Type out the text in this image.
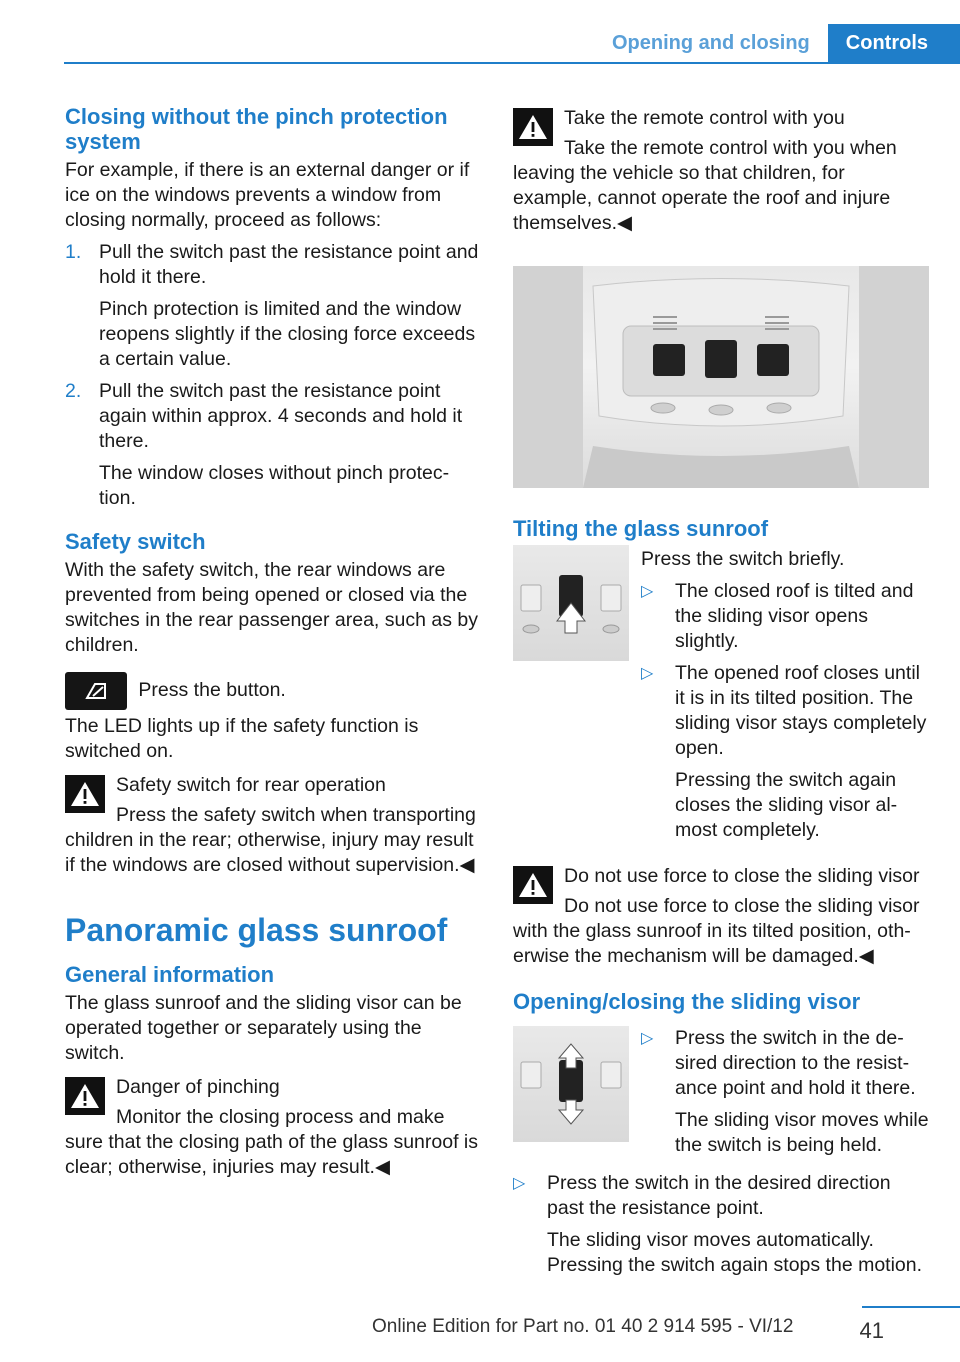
Opening and closing	Controls
Closing without the pinch protection system

For example, if there is an external danger or if ice on the windows prevents a window from closing normally, proceed as follows:

1. Pull the switch past the resistance point and hold it there.
Pinch protection is limited and the window reopens slightly if the closing force exceeds a certain value.
2. Pull the switch past the resistance point again within approx. 4 seconds and hold it there.
The window closes without pinch protec‐ tion.
Safety switch

With the safety switch, the rear windows are prevented from being opened or closed via the switches in the rear passenger area, such as by children.

Press the button.

The LED lights up if the safety function is switched on.

Safety switch for rear operation
Press the safety switch when transporting children in the rear; otherwise, injury may result if the windows are closed without supervision.◀
Panoramic glass sunroof
General information

The glass sunroof and the sliding visor can be operated together or separately using the switch.

Danger of pinching
Monitor the closing process and make sure that the closing path of the glass sunroof is clear; otherwise, injuries may result.◀
Take the remote control with you
Take the remote control with you when leaving the vehicle so that children, for example, cannot operate the roof and injure themselves.◀
Tilting the glass sunroof

Press the switch briefly.

▷ The closed roof is tilted and the sliding visor opens slightly.
▷ The opened roof closes until it is in its tilted position. The sliding visor stays completely open.
Pressing the switch again closes the sliding visor al‐ most completely.
Do not use force to close the sliding visor
Do not use force to close the sliding visor with the glass sunroof in its tilted position, oth‐ erwise the mechanism will be damaged.◀
Opening/closing the sliding visor
▷ Press the switch in the de‐ sired direction to the resist‐ ance point and hold it there.
The sliding visor moves while the switch is being held.
▷ Press the switch in the desired direction past the resistance point.
The sliding visor moves automatically. Pressing the switch again stops the motion.
41
Online Edition for Part no. 01 40 2 914 595 - VI/12
